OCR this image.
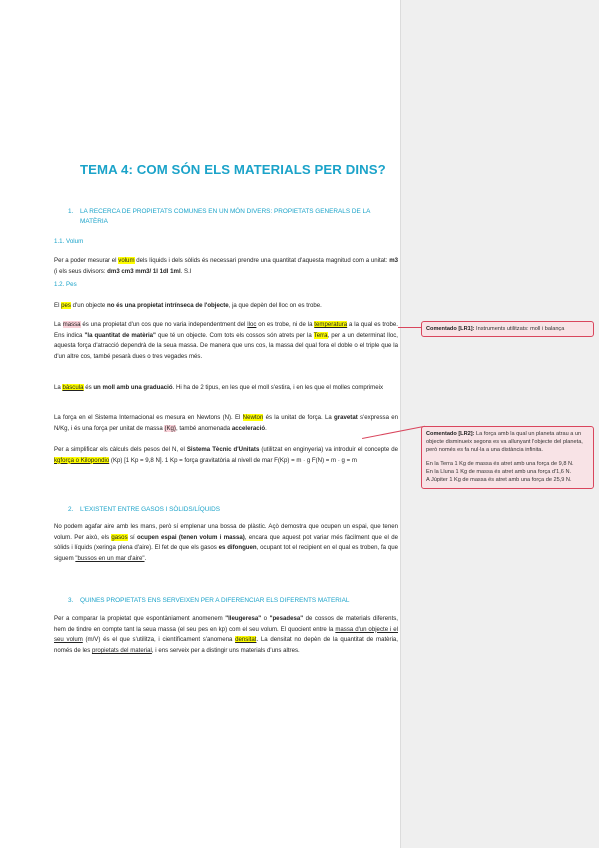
TEMA 4: COM SÓN ELS MATERIALS PER DINS?
1. LA RECERCA DE PROPIETATS COMUNES EN UN MÓN DIVERS: PROPIETATS GENERALS DE LA MATÈRIA
1.1. Volum
Per a poder mesurar el volum dels líquids i dels sòlids és necessari prendre una quantitat d'aquesta magnitud com a unitat: m3 (i els seus divisors: dm3 cm3 mm3/ 1l 1dl 1ml. S.I
1.2. Pes
El pes d'un objecte no és una propietat intrínseca de l'objecte, ja que depèn del lloc on es trobe.
La massa és una propietat d'un cos que no varia independentment del lloc on es trobe, ni de la temperatura a la qual es trobe. Ens indica "la quantitat de matèria" que té un objecte. Com tots els cossos són atrets per la Terra, per a un determinat lloc, aquesta força d'atracció dependrà de la seua massa. De manera que uns cos, la massa del qual fora el doble o el triple que la d'un altre cos, també pesarà dues o tres vegades més.
La bàscula és un moll amb una graduació. Hi ha de 2 tipus, en les que el moll s'estira, i en les que el molles comprimeix
La força en el Sistema Internacional es mesura en Newtons (N). El Newton és la unitat de força. La gravetat s'expressa en N/Kg, i és una força per unitat de massa (Kg), també anomenada acceleració.
Per a simplificar els càlculs dels pesos del N, el Sistema Tècnic d'Unitats (utilitzat en enginyeria) va introduir el concepte de kgforça o Kilopondio (Kp) [1 Kp = 9,8 N]. 1 Kp = força gravitatòria al nivell de mar F(Kp) = m · g F(N) = m · g = m
2. L'EXISTENT ENTRE GASOS I SÒLIDS/LÍQUIDS
No podem agafar aire amb les mans, però sí emplenar una bossa de plàstic. Açò demostra que ocupen un espai, que tenen volum. Per això, els gasos sí ocupen espai (tenen volum i massa), encara que aquest pot variar més fàcilment que el de sòlids i líquids (xeringa plena d'aire). El fet de que els gasos es difonguen, ocupant tot el recipient en el qual es troben, fa que siguem "bussos en un mar d'aire".
3. QUINES PROPIETATS ENS SERVEIXEN PER A DIFERENCIAR ELS DIFERENTS MATERIAL
Per a comparar la propietat que espontàniament anomenem "lleugeresa" o "pesadesa" de cossos de materials diferents, hem de tindre en compte tant la seua massa (el seu pes en kp) com el seu volum. El quocient entre la massa d'un objecte i el seu volum (m/V) és el que s'utilitza, i científicament s'anomena densitat. La densitat no depèn de la quantitat de matèria, només de les propietats del material, i ens serveix per a distingir uns materials d'uns altres.
Comentado [LR1]: Instruments utilitzats: moll i balança
Comentado [LR2]: La força amb la qual un planeta atrau a un objecte disminueix segons es va allunyant l'objecte del planeta, però només es fa nul·la a una distància infinita.
En la Terra 1 Kg de massa és atret amb una força de 9,8 N.
En la Lluna 1 Kg de massa és atret amb una força d'1,6 N.
A Júpiter 1 Kg de massa és atret amb una força de 25,9 N.
